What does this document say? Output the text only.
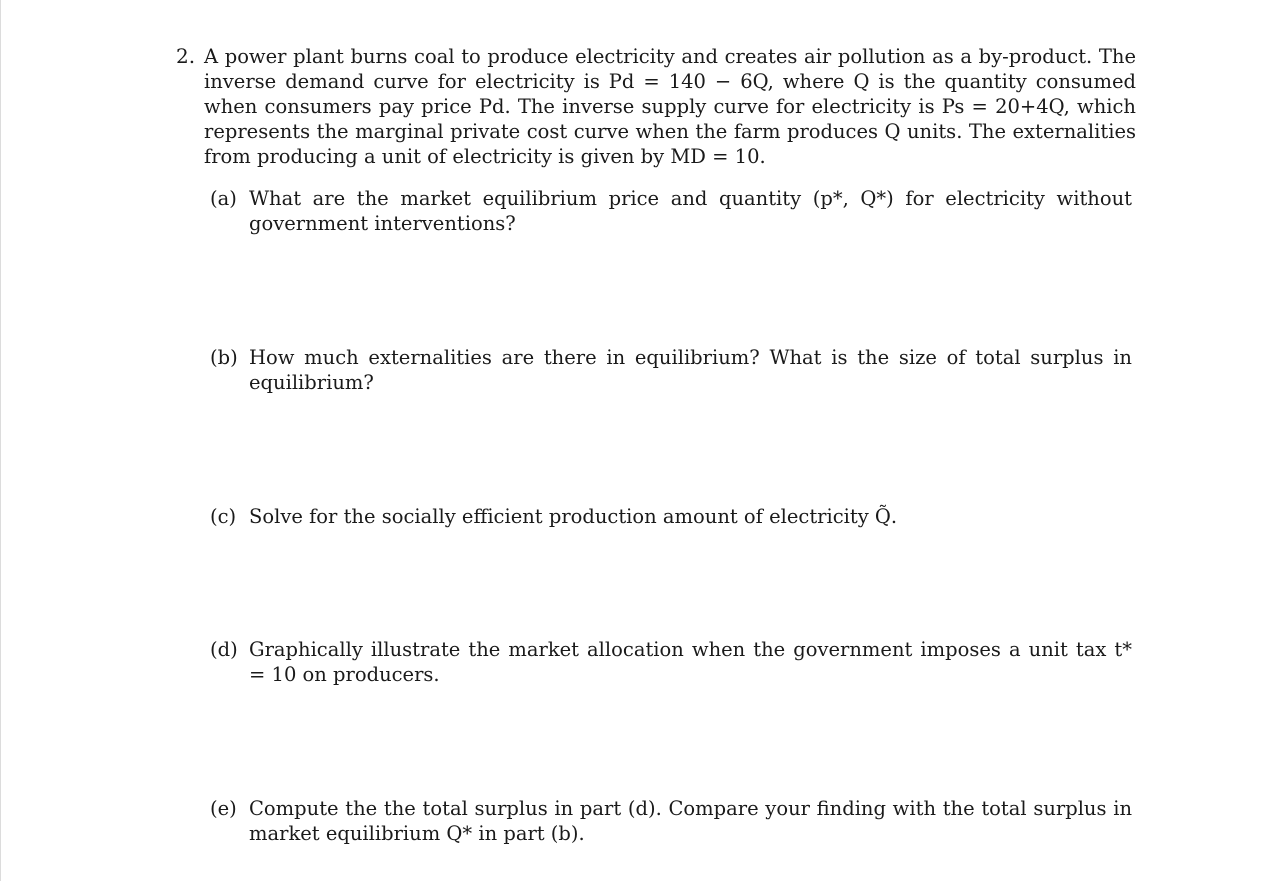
2. A power plant burns coal to produce electricity and creates air pollution as a by-product. The inverse demand curve for electricity is Pd = 140 − 6Q, where Q is the quantity consumed when consumers pay price Pd. The inverse supply curve for electricity is Ps = 20+4Q, which represents the marginal private cost curve when the farm produces Q units. The externalities from producing a unit of electricity is given by MD = 10.
(a) What are the market equilibrium price and quantity (p*, Q*) for electricity without government interventions?
(b) How much externalities are there in equilibrium? What is the size of total surplus in equilibrium?
(c) Solve for the socially efficient production amount of electricity Q̃.
(d) Graphically illustrate the market allocation when the government imposes a unit tax t* = 10 on producers.
(e) Compute the the total surplus in part (d). Compare your finding with the total surplus in market equilibrium Q* in part (b).
